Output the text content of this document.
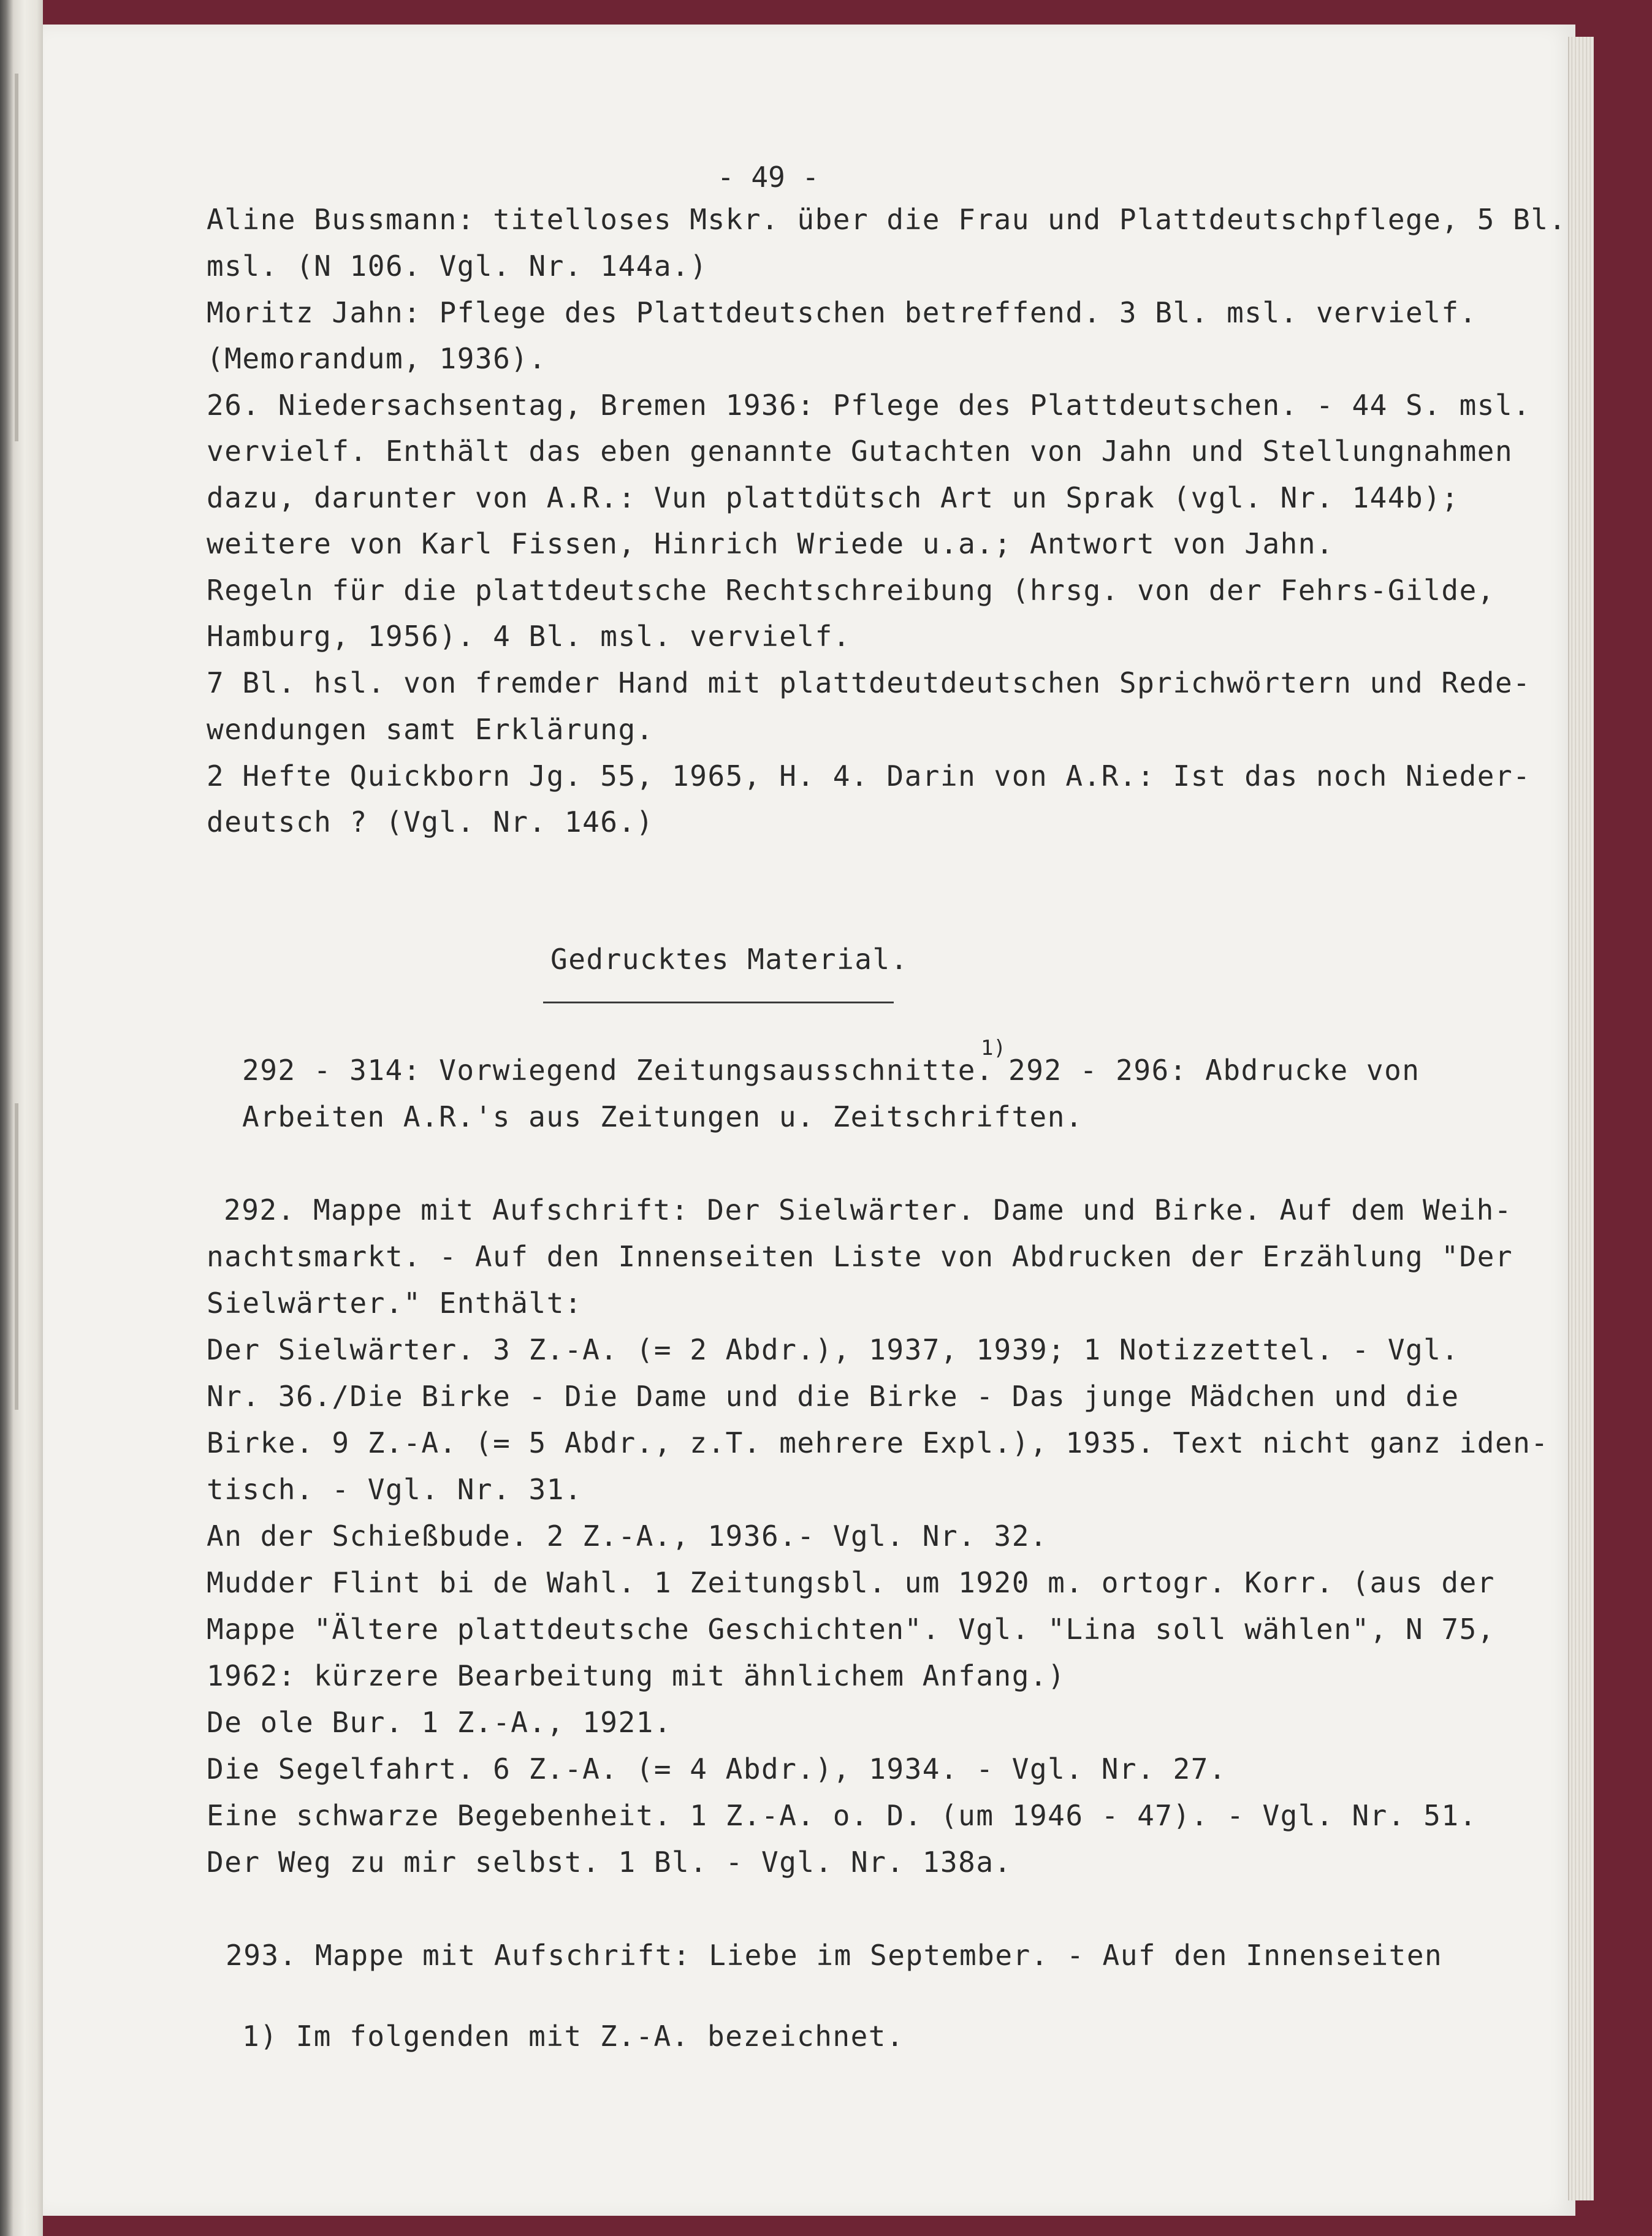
- 49 -
Aline Bussmann: titelloses Mskr. über die Frau und Plattdeutschpflege, 5 Bl.
msl. (N 106. Vgl. Nr. 144a.)
Moritz Jahn: Pflege des Plattdeutschen betreffend. 3 Bl. msl. vervielf.
(Memorandum, 1936).
26. Niedersachsentag, Bremen 1936: Pflege des Plattdeutschen. - 44 S. msl.
vervielf. Enthält das eben genannte Gutachten von Jahn und Stellungnahmen
dazu, darunter von A.R.: Vun plattdütsch Art un Sprak (vgl. Nr. 144b);
weitere von Karl Fissen, Hinrich Wriede u.a.; Antwort von Jahn.
Regeln für die plattdeutsche Rechtschreibung (hrsg. von der Fehrs-Gilde,
Hamburg, 1956). 4 Bl. msl. vervielf.
7 Bl. hsl. von fremder Hand mit plattdeutdeutschen Sprichwörtern und Rede-
wendungen samt Erklärung.
2 Hefte Quickborn Jg. 55, 1965, H. 4. Darin von A.R.: Ist das noch Nieder-
deutsch ? (Vgl. Nr. 146.)
Gedrucktes Material.
292 - 314: Vorwiegend Zeitungsausschnitte.
1)
292 - 296: Abdrucke von
Arbeiten A.R.'s aus Zeitungen u. Zeitschriften.
292. Mappe mit Aufschrift: Der Sielwärter. Dame und Birke. Auf dem Weih-
nachtsmarkt. - Auf den Innenseiten Liste von Abdrucken der Erzählung "Der
Sielwärter." Enthält:
Der Sielwärter. 3 Z.-A. (= 2 Abdr.), 1937, 1939; 1 Notizzettel. - Vgl.
Nr. 36./Die Birke - Die Dame und die Birke - Das junge Mädchen und die
Birke. 9 Z.-A. (= 5 Abdr., z.T. mehrere Expl.), 1935. Text nicht ganz iden-
tisch. - Vgl. Nr. 31.
An der Schießbude. 2 Z.-A., 1936.- Vgl. Nr. 32.
Mudder Flint bi de Wahl. 1 Zeitungsbl. um 1920 m. ortogr. Korr. (aus der
Mappe "Ältere plattdeutsche Geschichten". Vgl. "Lina soll wählen", N 75,
1962: kürzere Bearbeitung mit ähnlichem Anfang.)
De ole Bur. 1 Z.-A., 1921.
Die Segelfahrt. 6 Z.-A. (= 4 Abdr.), 1934. - Vgl. Nr. 27.
Eine schwarze Begebenheit. 1 Z.-A. o. D. (um 1946 - 47). - Vgl. Nr. 51.
Der Weg zu mir selbst. 1 Bl. - Vgl. Nr. 138a.
293. Mappe mit Aufschrift: Liebe im September. - Auf den Innenseiten
1) Im folgenden mit Z.-A. bezeichnet.
